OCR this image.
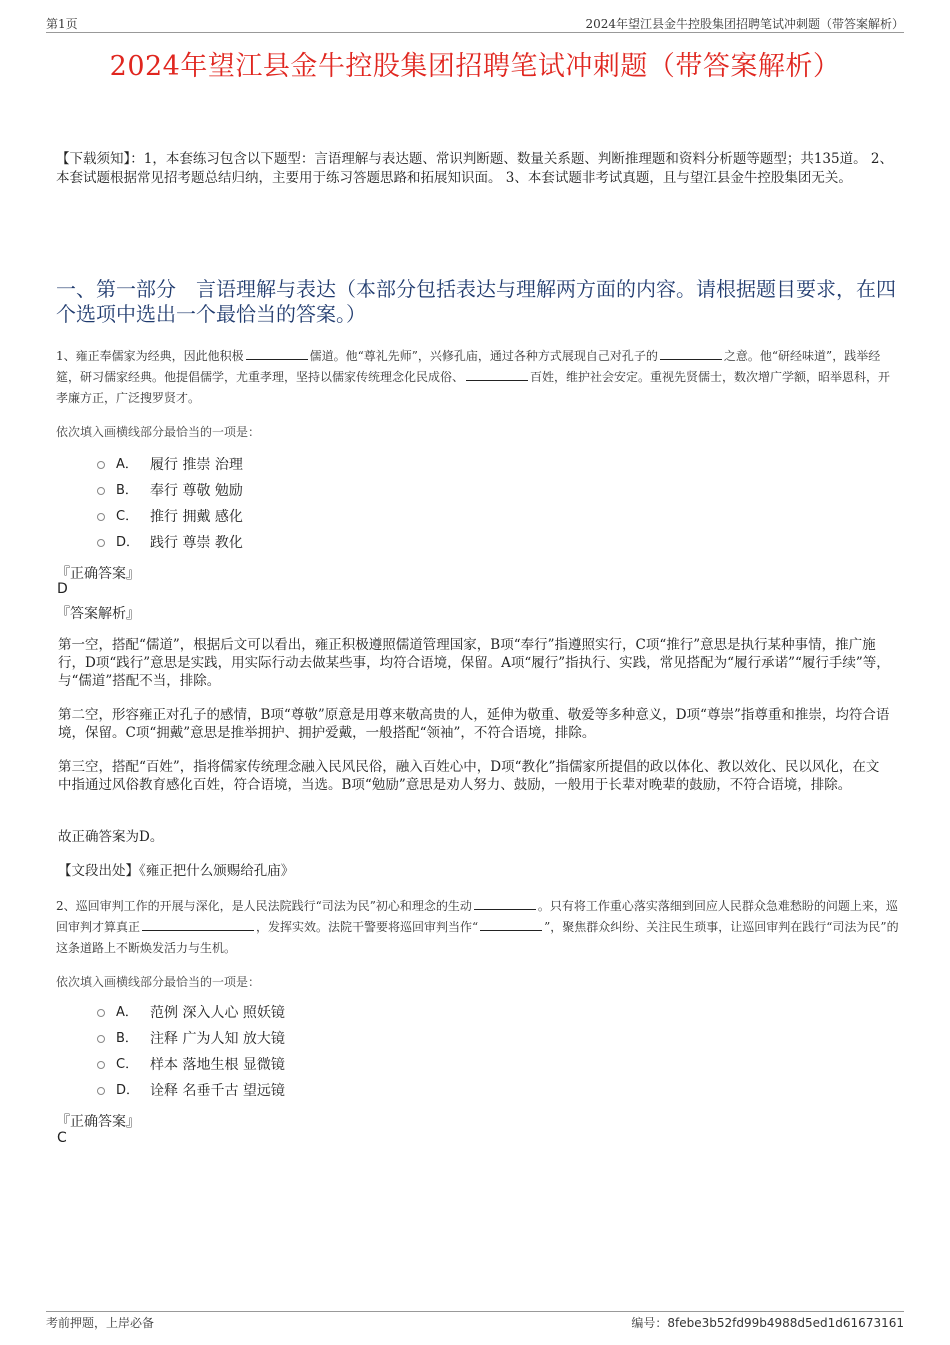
第1页	2024年望江县金牛控股集团招聘笔试冲刺题（带答案解析）
2024年望江县金牛控股集团招聘笔试冲刺题（带答案解析）
【下载须知】：1，本套练习包含以下题型：言语理解与表达题、常识判断题、数量关系题、判断推理题和资料分析题等题型；共135道。 2、本套试题根据常见招考题总结归纳，主要用于练习答题思路和拓展知识面。 3、本套试题非考试真题，且与望江县金牛控股集团无关。
一、第一部分　言语理解与表达（本部分包括表达与理解两方面的内容。请根据题目要求，在四个选项中选出一个最恰当的答案。）
1、雍正奉儒家为经典，因此他积极	儒道。他“尊礼先师”，兴修孔庙，通过各种方式展现自己对孔子的	之意。他“研经味道”，践举经筵，研习儒家经典。他提倡儒学，尤重孝理，坚持以儒家传统理念化民成俗、	百姓，维护社会安定。重视先贤儒士，数次增广学额，昭举恩科，开孝廉方正，广泛搜罗贤才。
依次填入画横线部分最恰当的一项是：
A． 履行 推崇 治理
B． 奉行 尊敬 勉励
C． 推行 拥戴 感化
D． 践行 尊崇 教化
『正确答案』
D
『答案解析』
第一空，搭配“儒道”，根据后文可以看出，雍正积极遵照儒道管理国家，B项“奉行”指遵照实行，C项“推行”意思是执行某种事情，推广施行，D项“践行”意思是实践，用实际行动去做某些事，均符合语境，保留。A项“履行”指执行、实践，常见搭配为“履行承诺”“履行手续”等，与“儒道”搭配不当，排除。
第二空，形容雍正对孔子的感情，B项“尊敬”原意是用尊来敬高贵的人，延伸为敬重、敬爱等多种意义，D项“尊崇”指尊重和推崇，均符合语境，保留。C项“拥戴”意思是推举拥护、拥护爱戴，一般搭配“领袖”，不符合语境，排除。
第三空，搭配“百姓”，指将儒家传统理念融入民风民俗，融入百姓心中，D项“教化”指儒家所提倡的政以体化、教以效化、民以风化，在文中指通过风俗教育感化百姓，符合语境，当选。B项“勉励”意思是劝人努力、鼓励，一般用于长辈对晚辈的鼓励，不符合语境，排除。
故正确答案为D。
【文段出处】《雍正把什么颁赐给孔庙》
2、巡回审判工作的开展与深化，是人民法院践行“司法为民”初心和理念的生动	。只有将工作重心落实落细到回应人民群众急难愁盼的问题上来，巡回审判才算真正	，发挥实效。法院干警要将巡回审判当作“	”，聚焦群众纠纷、关注民生琐事，让巡回审判在践行“司法为民”的这条道路上不断焕发活力与生机。
依次填入画横线部分最恰当的一项是：
A． 范例 深入人心 照妖镜
B． 注释 广为人知 放大镜
C． 样本 落地生根 显微镜
D． 诠释 名垂千古 望远镜
『正确答案』
C
考前押题，上岸必备	编号：8febe3b52fd99b4988d5ed1d61673161
